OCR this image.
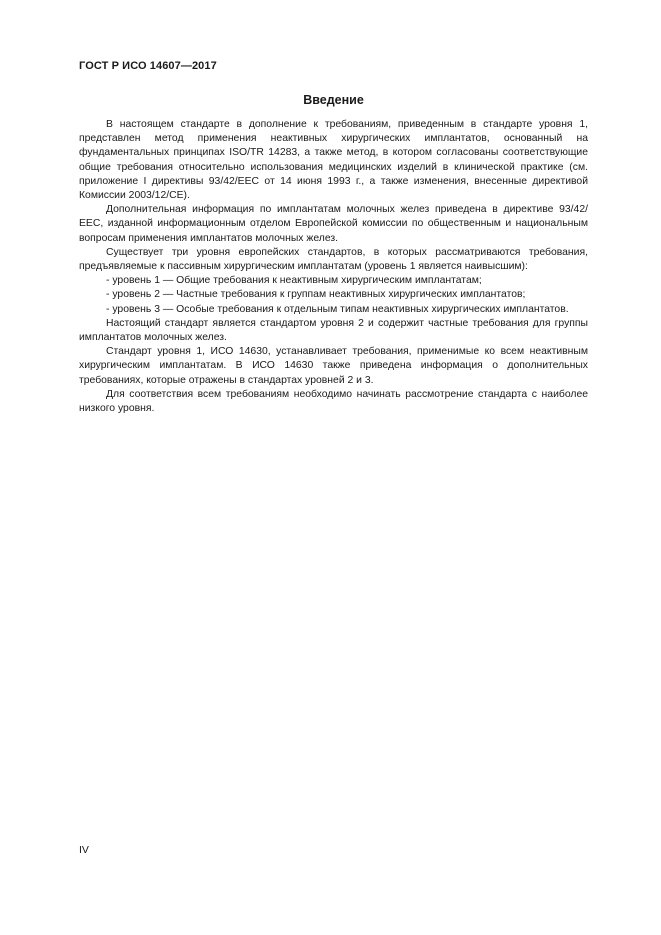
ГОСТ Р ИСО 14607—2017
Введение

В настоящем стандарте в дополнение к требованиям, приведенным в стандарте уровня 1, представлен метод применения неактивных хирургических имплантатов, основанный на фундаментальных принципах ISO/TR 14283, а также метод, в котором согласованы соответствующие общие требования относительно использования медицинских изделий в клинической практике (см. приложение I директивы 93/42/EEC от 14 июня 1993 г., а также изменения, внесенные директивой Комиссии 2003/12/CE).

Дополнительная информация по имплантатам молочных желез приведена в директиве 93/42/ EEC, изданной информационным отделом Европейской комиссии по общественным и национальным вопросам применения имплантатов молочных желез.

Существует три уровня европейских стандартов, в которых рассматриваются требования, предъявляемые к пассивным хирургическим имплантатам (уровень 1 является наивысшим):

- уровень 1 — Общие требования к неактивным хирургическим имплантатам;

- уровень 2 — Частные требования к группам неактивных хирургических имплантатов;

- уровень 3 — Особые требования к отдельным типам неактивных хирургических имплантатов.

Настоящий стандарт является стандартом уровня 2 и содержит частные требования для группы имплантатов молочных желез.

Стандарт уровня 1, ИСО 14630, устанавливает требования, применимые ко всем неактивным хирургическим имплантатам. В ИСО 14630 также приведена информация о дополнительных требованиях, которые отражены в стандартах уровней 2 и 3.

Для соответствия всем требованиям необходимо начинать рассмотрение стандарта с наиболее низкого уровня.

IV
